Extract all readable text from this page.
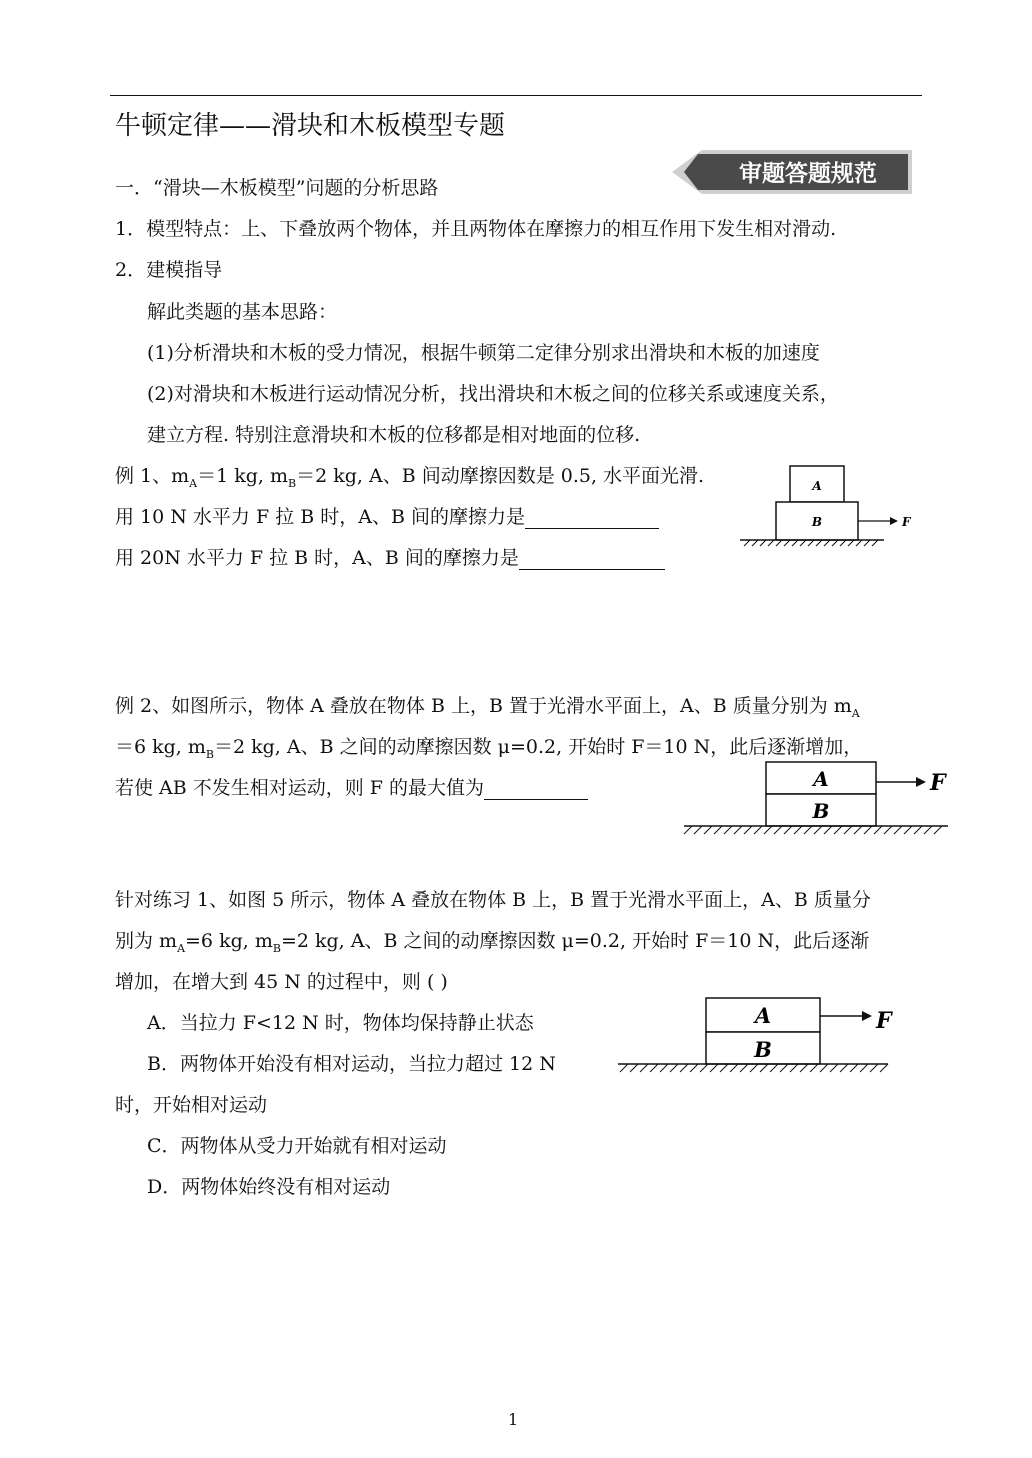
牛顿定律——滑块和木板模型专题
审题答题规范
一．“滑块—木板模型”问题的分析思路
1．模型特点：上、下叠放两个物体，并且两物体在摩擦力的相互作用下发生相对滑动.
2．建模指导
解此类题的基本思路：
(1)分析滑块和木板的受力情况，根据牛顿第二定律分别求出滑块和木板的加速度
(2)对滑块和木板进行运动情况分析，找出滑块和木板之间的位移关系或速度关系，
建立方程. 特别注意滑块和木板的位移都是相对地面的位移.
例 1、$m_A=1$ kg, $m_B=2$ kg, A、B 间动摩擦因数是 0.5, 水平面光滑.
用 10 N 水平力 F 拉 B 时，A、B 间的摩擦力是
用 20N 水平力 F 拉 B 时，A、B 间的摩擦力是
A
B	F
例 2、如图所示，物体 A 叠放在物体 B 上，B 置于光滑水平面上，A、B 质量分别为 $m_A$
＝6 kg, $m_B=2$ kg, A、B 之间的动摩擦因数 μ=0.2, 开始时 F＝10 N，此后逐渐增加，
若使 AB 不发生相对运动，则 F 的最大值为	A
B
F
针对练习 1、如图 5 所示，物体 A 叠放在物体 B 上，B 置于光滑水平面上，A、B 质量分
别为 $m_A=6$ kg, $m_B=2$ kg, A、B 之间的动摩擦因数 μ=0.2, 开始时 F＝10 N，此后逐渐
增加，在增大到 45 N 的过程中，则 ( )
A．当拉力 F<12 N 时，物体均保持静止状态
B．两物体开始没有相对运动，当拉力超过 12 N
时，开始相对运动
C．两物体从受力开始就有相对运动
D．两物体始终没有相对运动
A
B
F
1
